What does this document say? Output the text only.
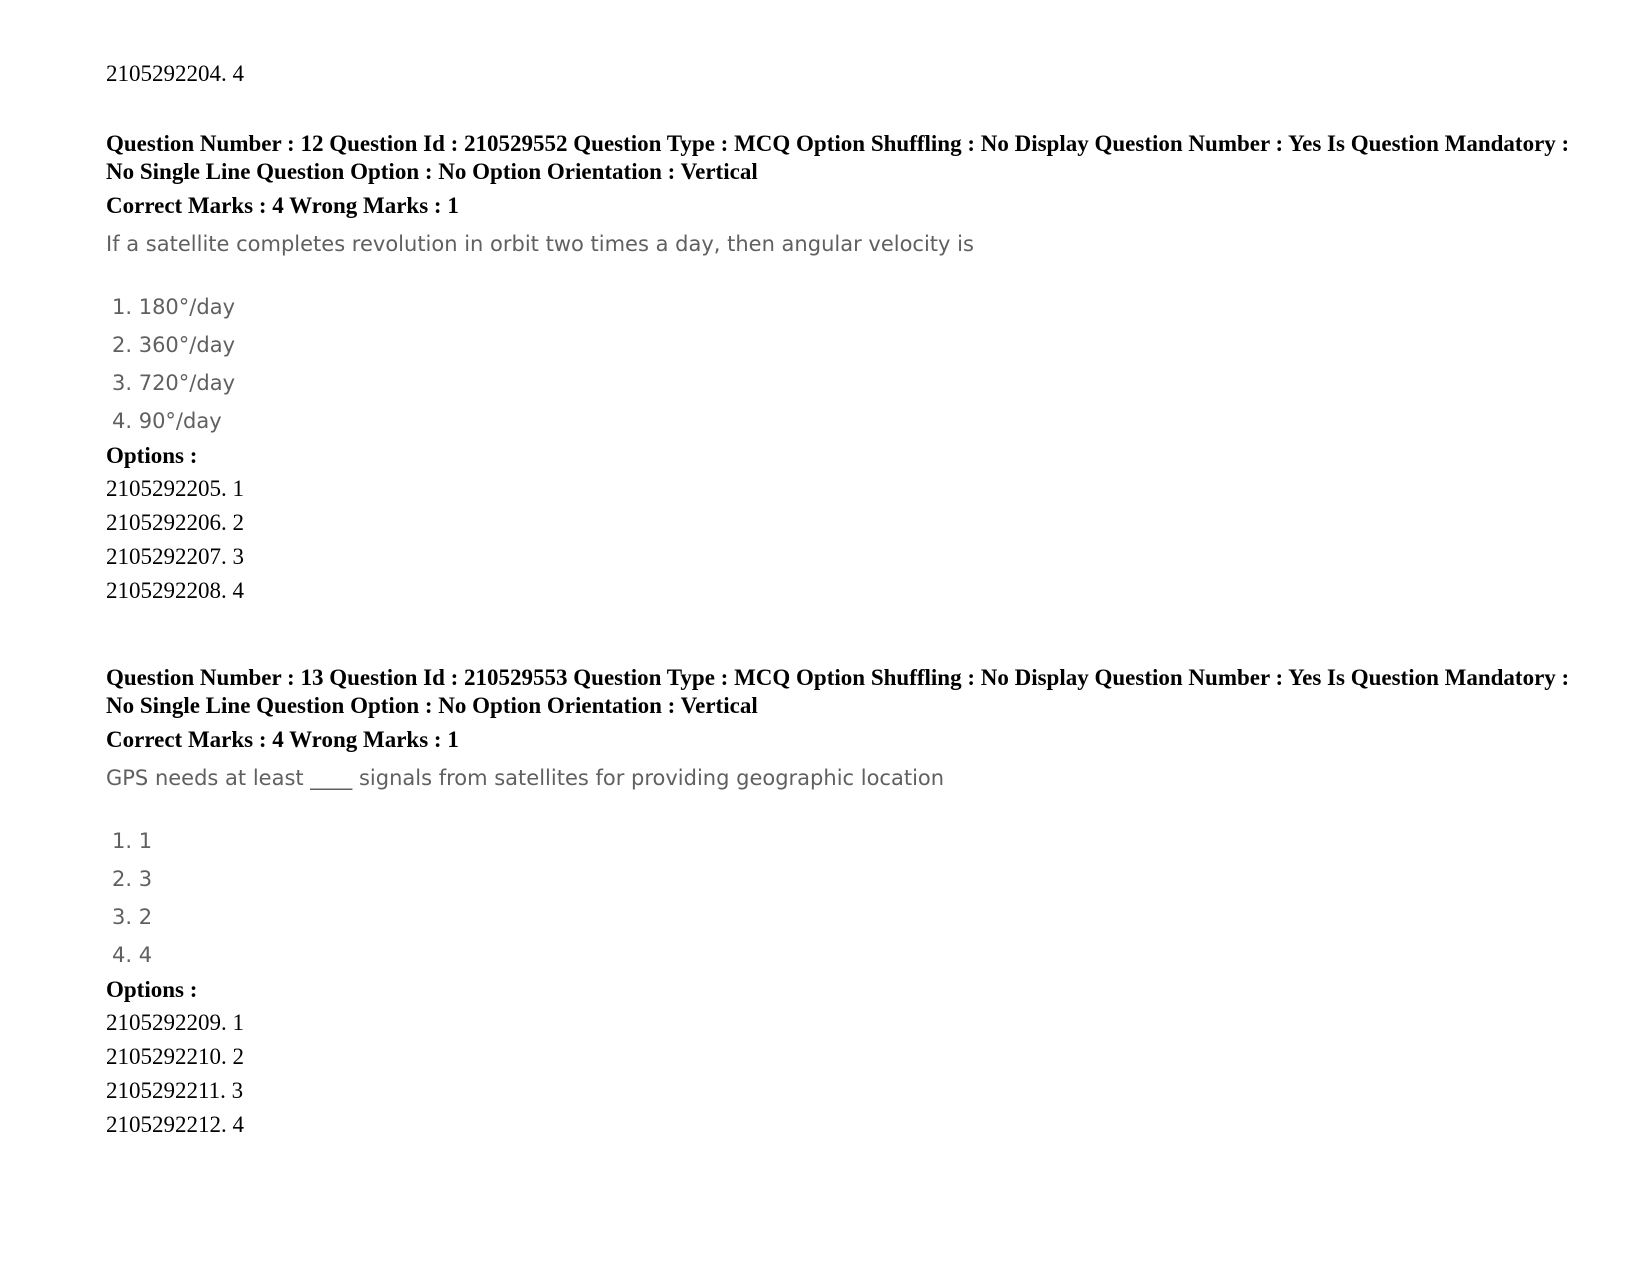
2105292204. 4
Question Number : 12 Question Id : 210529552 Question Type : MCQ Option Shuffling : No Display Question Number : Yes Is Question Mandatory : No Single Line Question Option : No Option Orientation : Vertical
Correct Marks : 4 Wrong Marks : 1
If a satellite completes revolution in orbit two times a day, then angular velocity is
1. 180°/day
2. 360°/day
3. 720°/day
4. 90°/day
Options :
2105292205. 1
2105292206. 2
2105292207. 3
2105292208. 4
Question Number : 13 Question Id : 210529553 Question Type : MCQ Option Shuffling : No Display Question Number : Yes Is Question Mandatory : No Single Line Question Option : No Option Orientation : Vertical
Correct Marks : 4 Wrong Marks : 1
GPS needs at least ____ signals from satellites for providing geographic location
1. 1
2. 3
3. 2
4. 4
Options :
2105292209. 1
2105292210. 2
2105292211. 3
2105292212. 4
